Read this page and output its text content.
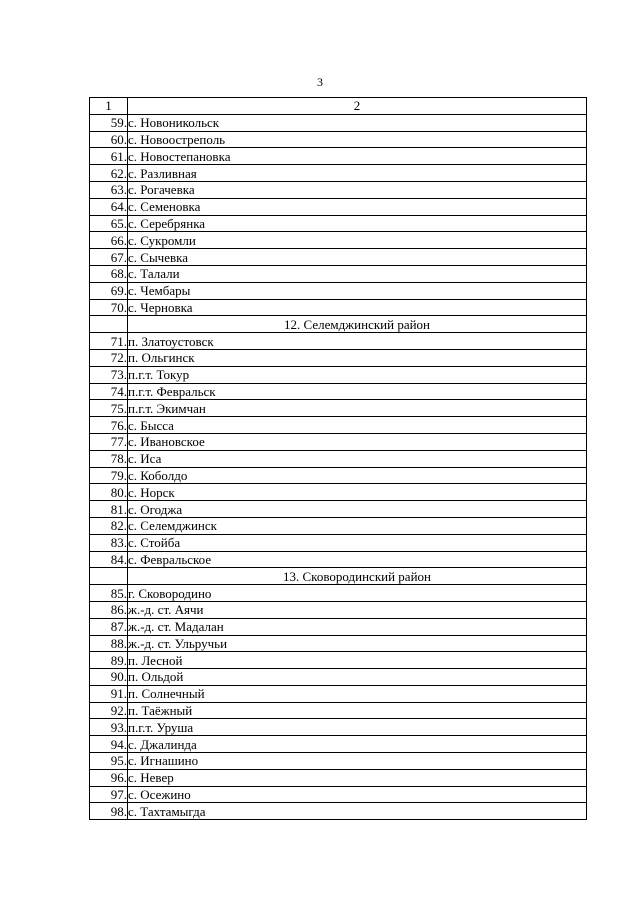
3
1	2
59.	с. Новоникольск
60.	с. Новоостреполь
61.	с. Новостепановка
62.	с. Разливная
63.	с. Рогачевка
64.	с. Семеновка
65.	с. Серебрянка
66.	с. Сукромли
67.	с. Сычевка
68.	с. Талали
69.	с. Чембары
70.	с. Черновка
	12. Селемджинский район
71.	п. Златоустовск
72.	п. Ольгинск
73.	п.г.т. Токур
74.	п.г.т. Февральск
75.	п.г.т. Экимчан
76.	с. Бысса
77.	с. Ивановское
78.	с. Иса
79.	с. Коболдо
80.	с. Норск
81.	с. Огоджа
82.	с. Селемджинск
83.	с. Стойба
84.	с. Февральское
	13. Сковородинский район
85.	г. Сковородино
86.	ж.-д. ст. Аячи
87.	ж.-д. ст. Мадалан
88.	ж.-д. ст. Ульручьи
89.	п. Лесной
90.	п. Ольдой
91.	п. Солнечный
92.	п. Таёжный
93.	п.г.т. Уруша
94.	с. Джалинда
95.	с. Игнашино
96.	с. Невер
97.	с. Осежино
98.	с. Тахтамыгда
